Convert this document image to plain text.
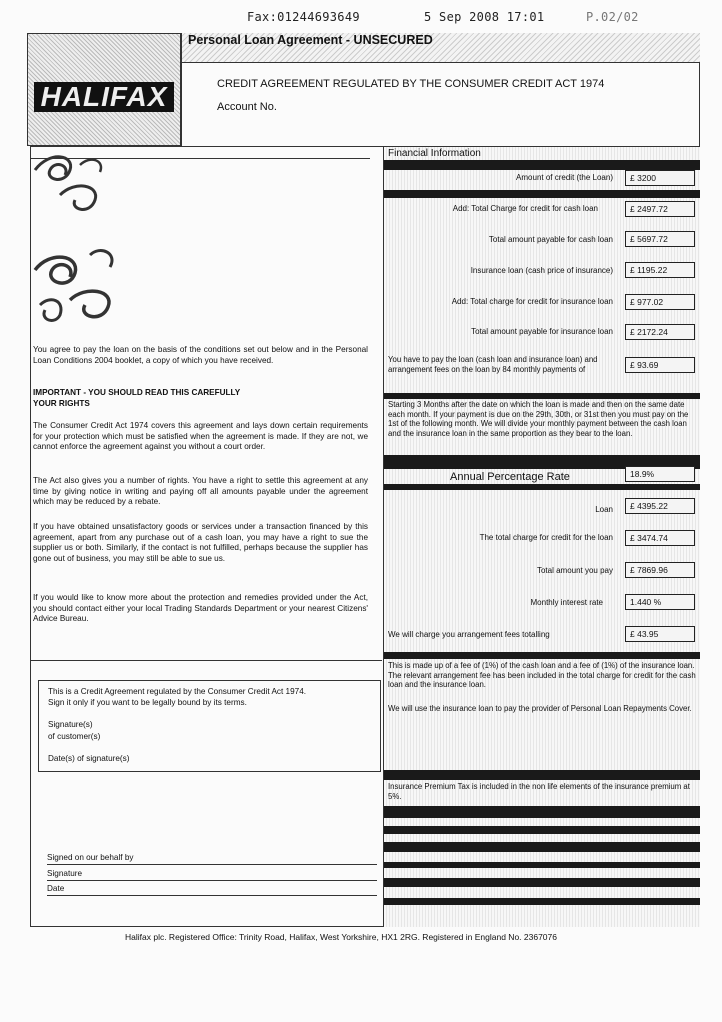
Fax:01244693649	5 Sep 2008 17:01	P.02/02
HALIFAX
Personal Loan Agreement - UNSECURED
CREDIT AGREEMENT REGULATED BY THE CONSUMER CREDIT ACT 1974
Account No.
You agree to pay the loan on the basis of the conditions set out below and in the Personal Loan Conditions 2004 booklet, a copy of which you have received.
IMPORTANT - YOU SHOULD READ THIS CAREFULLY
YOUR RIGHTS
The Consumer Credit Act 1974 covers this agreement and lays down certain requirements for your protection which must be satisfied when the agreement is made. If they are not, we cannot enforce the agreement against you without a court order.
The Act also gives you a number of rights. You have a right to settle this agreement at any time by giving notice in writing and paying off all amounts payable under the agreement which may be reduced by a rebate.
If you have obtained unsatisfactory goods or services under a transaction financed by this agreement, apart from any purchase out of a cash loan, you may have a right to sue the supplier us or both. Similarly, if the contact is not fulfilled, perhaps because the supplier has gone out of business, you may still be able to sue us.
If you would like to know more about the protection and remedies provided under the Act, you should contact either your local Trading Standards Department or your nearest Citizens' Advice Bureau.
This is a Credit Agreement regulated by the Consumer Credit Act 1974.
Sign it only if you want to be legally bound by its terms.
Signature(s)
of customer(s)
Date(s) of signature(s)
Signed on our behalf by
Signature
Date
Financial Information
Amount of credit (the Loan)	£ 3200
Add: Total Charge for credit for cash loan	£ 2497.72
Total amount payable for cash loan	£ 5697.72
Insurance loan (cash price of insurance)	£ 1195.22
Add: Total charge for credit for insurance loan	£ 977.02
Total amount payable for insurance loan	£ 2172.24
You have to pay the loan (cash loan and insurance loan) and arrangement fees on the loan by 84 monthly payments of	£ 93.69
Starting 3 Months after the date on which the loan is made and then on the same date each month. If your payment is due on the 29th, 30th, or 31st then you must pay on the 1st of the following month. We will divide your monthly payment between the cash loan and the insurance loan in the same proportion as they bear to the loan.
Annual Percentage Rate	18.9%
Loan	£ 4395.22
The total charge for credit for the loan	£ 3474.74
Total amount you pay	£ 7869.96
Monthly interest rate	1.440 %
We will charge you arrangement fees totalling	£ 43.95
This is made up of a fee of (1%) of the cash loan and a fee of (1%) of the insurance loan. The relevant arrangement fee has been included in the total charge for credit for the cash loan and the insurance loan.
We will use the insurance loan to pay the provider of Personal Loan Repayments Cover.
Insurance Premium Tax is included in the non life elements of the insurance premium at 5%.
Halifax plc. Registered Office: Trinity Road, Halifax, West Yorkshire, HX1 2RG. Registered in England No. 2367076
